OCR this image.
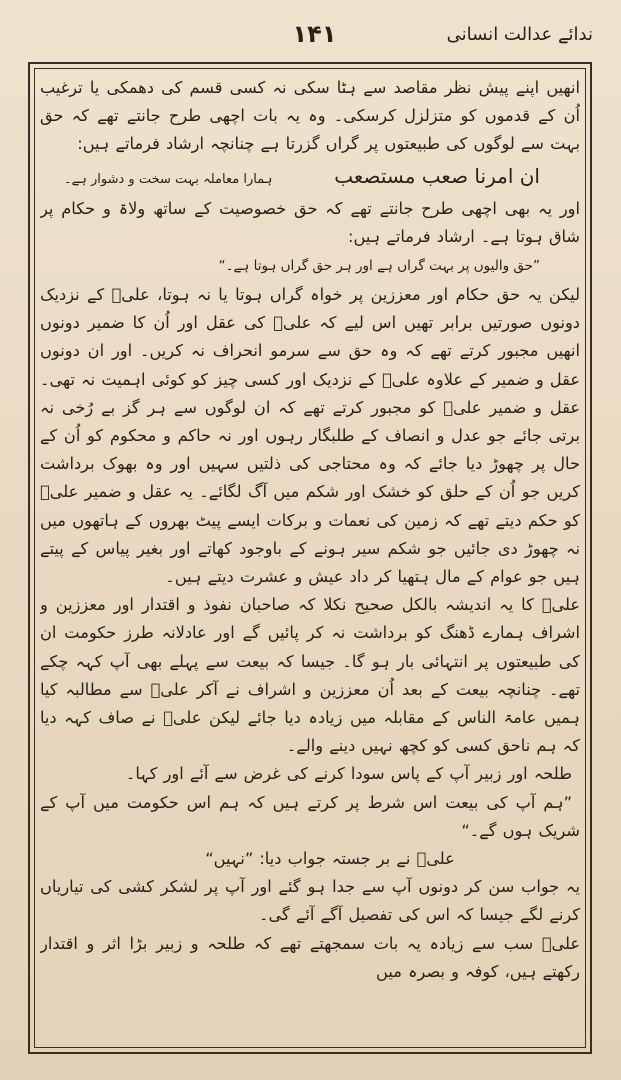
۱۴۱	ندائے عدالت انسانی

انھیں اپنے پیش نظر مقاصد سے ہٹا سکی نہ کسی قسم کی دھمکی یا ترغیب اُن کے قدموں کو متزلزل کرسکی۔ وہ یہ بات اچھی طرح جانتے تھے کہ حق بہت سے لوگوں کی طبیعتوں پر گراں گزرتا ہے چنانچہ ارشاد فرماتے ہیں:

ان امرنا صعب مستصعب
ہمارا معاملہ بہت سخت و دشوار ہے۔

اور یہ بھی اچھی طرح جانتے تھے کہ حق خصوصیت کے ساتھ ولاۃ و حکام پر شاق ہوتا ہے۔ ارشاد فرماتے ہیں:

”حق والیوں پر بہت گراں ہے اور ہر حق گراں ہوتا ہے۔“

لیکن یہ حق حکام اور معززین پر خواہ گراں ہوتا یا نہ ہوتا، علیؑ کے نزدیک دونوں صورتیں برابر تھیں اس لیے کہ علیؑ کی عقل اور اُن کا ضمیر دونوں انھیں مجبور کرتے تھے کہ وہ حق سے سرمو انحراف نہ کریں۔ اور ان دونوں عقل و ضمیر کے علاوہ علیؑ کے نزدیک اور کسی چیز کو کوئی اہمیت نہ تھی۔ عقل و ضمیر علیؑ کو مجبور کرتے تھے کہ ان لوگوں سے ہر گز بے رُخی نہ برتی جائے جو عدل و انصاف کے طلبگار رہوں اور نہ حاکم و محکوم کو اُن کے حال پر چھوڑ دیا جائے کہ وہ محتاجی کی ذلتیں سہیں اور وہ بھوک برداشت کریں جو اُن کے حلق کو خشک اور شکم میں آگ لگائے۔ یہ عقل و ضمیر علیؑ کو حکم دیتے تھے کہ زمین کی نعمات و برکات ایسے پیٹ بھروں کے ہاتھوں میں نہ چھوڑ دی جائیں جو شکم سیر ہونے کے باوجود کھاتے اور بغیر پیاس کے پیتے ہیں جو عوام کے مال ہتھیا کر داد عیش و عشرت دیتے ہیں۔

علیؑ کا یہ اندیشہ بالکل صحیح نکلا کہ صاحبان نفوذ و اقتدار اور معززین و اشراف ہمارے ڈھنگ کو برداشت نہ کر پائیں گے اور عادلانہ طرز حکومت ان کی طبیعتوں پر انتہائی بار ہو گا۔ جیسا کہ بیعت سے پہلے بھی آپ کہہ چکے تھے۔ چنانچہ بیعت کے بعد اُن معززین و اشراف نے آکر علیؑ سے مطالبہ کیا ہمیں عامۃ الناس کے مقابلہ میں زیادہ دیا جائے لیکن علیؑ نے صاف کہہ دیا کہ ہم ناحق کسی کو کچھ نہیں دینے والے۔

طلحہ اور زبیر آپ کے پاس سودا کرنے کی غرض سے آئے اور کہا۔

”ہم آپ کی بیعت اس شرط پر کرتے ہیں کہ ہم اس حکومت میں آپ کے شریک ہوں گے۔“

علیؑ نے بر جستہ جواب دیا: ”نہیں“

یہ جواب سن کر دونوں آپ سے جدا ہو گئے اور آپ پر لشکر کشی کی تیاریاں کرنے لگے جیسا کہ اس کی تفصیل آگے آئے گی۔

علیؑ سب سے زیادہ یہ بات سمجھتے تھے کہ طلحہ و زبیر بڑا اثر و اقتدار رکھتے ہیں، کوفہ و بصرہ میں
